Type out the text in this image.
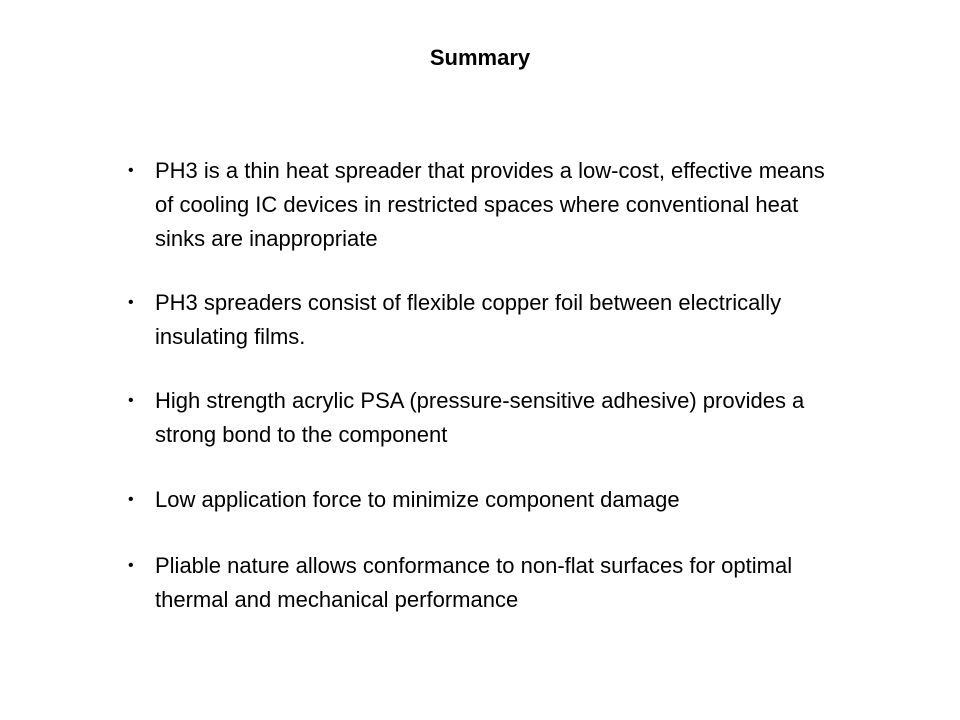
Summary
• PH3 is a thin heat spreader that provides a low-cost, effective means of cooling IC devices in restricted spaces where conventional heat sinks are inappropriate
• PH3 spreaders consist of flexible copper foil between electrically insulating films.
• High strength acrylic PSA (pressure-sensitive adhesive) provides a strong bond to the component
• Low application force to minimize component damage
• Pliable nature allows conformance to non-flat surfaces for optimal thermal and mechanical performance
